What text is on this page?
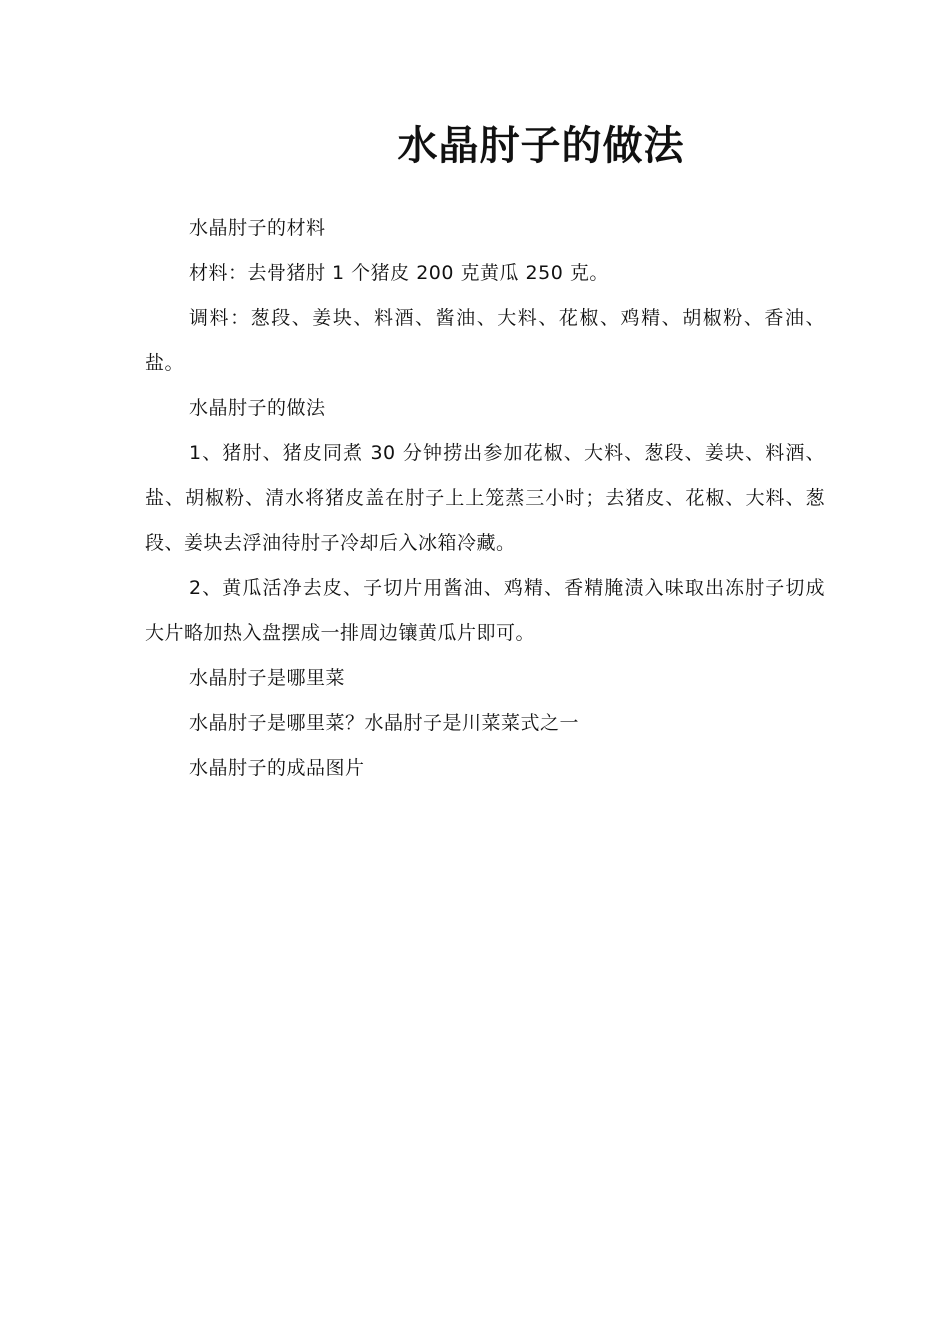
水晶肘子的做法

水晶肘子的材料

材料：去骨猪肘 1 个猪皮 200 克黄瓜 250 克。

调料：葱段、姜块、料酒、酱油、大料、花椒、鸡精、胡椒粉、香油、盐。

水晶肘子的做法

1、猪肘、猪皮同煮 30 分钟捞出参加花椒、大料、葱段、姜块、料酒、盐、胡椒粉、清水将猪皮盖在肘子上上笼蒸三小时；去猪皮、花椒、大料、葱段、姜块去浮油待肘子冷却后入冰箱冷藏。

2、黄瓜活净去皮、子切片用酱油、鸡精、香精腌渍入味取出冻肘子切成大片略加热入盘摆成一排周边镶黄瓜片即可。

水晶肘子是哪里菜

水晶肘子是哪里菜？水晶肘子是川菜菜式之一

水晶肘子的成品图片
